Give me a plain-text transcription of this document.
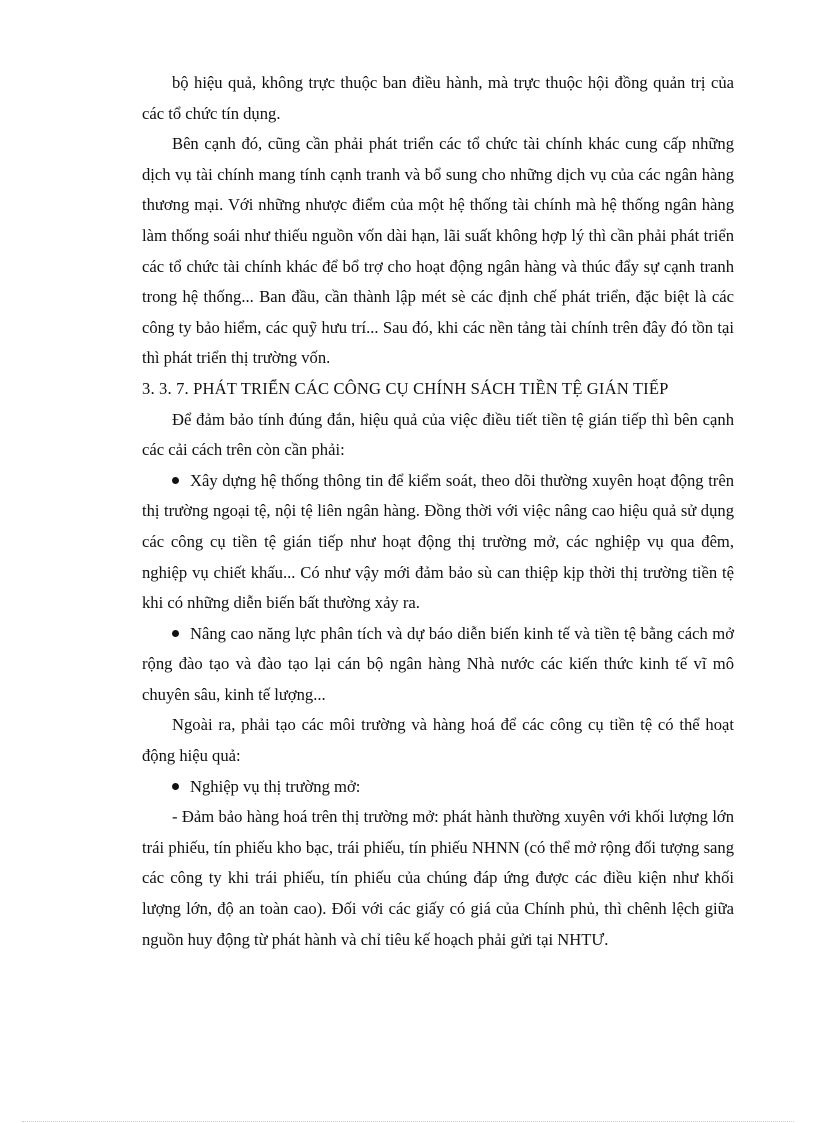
bộ hiệu quả, không trực thuộc ban điều hành, mà trực thuộc hội đồng quản trị của các tổ chức tín dụng.

Bên cạnh đó, cũng cần phải phát triển các tổ chức tài chính khác cung cấp những dịch vụ tài chính mang tính cạnh tranh và bổ sung cho những dịch vụ của các ngân hàng thương mại. Với những nhược điểm của một hệ thống tài chính mà hệ thống ngân hàng làm thống soái như thiếu nguồn vốn dài hạn, lãi suất không hợp lý thì cần phải phát triển các tổ chức tài chính khác để bổ trợ cho hoạt động ngân hàng và thúc đẩy sự cạnh tranh trong hệ thống... Ban đầu, cần thành lập mét sè các định chế phát triển, đặc biệt là các công ty bảo hiểm, các quỹ hưu trí... Sau đó, khi các nền tảng tài chính trên đây đó tồn tại thì phát triển thị trường vốn.

3. 3. 7. PHÁT TRIỂN CÁC CÔNG CỤ CHÍNH SÁCH TIỀN TỆ GIÁN TIẾP

Để đảm bảo tính đúng đắn, hiệu quả của việc điều tiết tiền tệ gián tiếp thì bên cạnh các cải cách trên còn cần phải:

Xây dựng hệ thống thông tin để kiểm soát, theo dõi thường xuyên hoạt động trên thị trường ngoại tệ, nội tệ liên ngân hàng. Đồng thời với việc nâng cao hiệu quả sử dụng các công cụ tiền tệ gián tiếp như hoạt động thị trường mở, các nghiệp vụ qua đêm, nghiệp vụ chiết khấu... Có như vậy mới đảm bảo sù can thiệp kịp thời thị trường tiền tệ khi có những diễn biến bất thường xảy ra.

Nâng cao năng lực phân tích và dự báo diễn biến kinh tế và tiền tệ bằng cách mở rộng đào tạo và đào tạo lại cán bộ ngân hàng Nhà nước các kiến thức kinh tế vĩ mô chuyên sâu, kinh tế lượng...

Ngoài ra, phải tạo các môi trường và hàng hoá để các công cụ tiền tệ có thể hoạt động hiệu quả:

Nghiệp vụ thị trường mở:

- Đảm bảo hàng hoá trên thị trường mở: phát hành thường xuyên với khối lượng lớn trái phiếu, tín phiếu kho bạc, trái phiếu, tín phiếu NHNN (có thể mở rộng đối tượng sang các công ty khi trái phiếu, tín phiếu của chúng đáp ứng được các điều kiện như khối lượng lớn, độ an toàn cao). Đối với các giấy có giá của Chính phủ, thì chênh lệch giữa nguồn huy động từ phát hành và chỉ tiêu kế hoạch phải gửi tại NHTƯ.
